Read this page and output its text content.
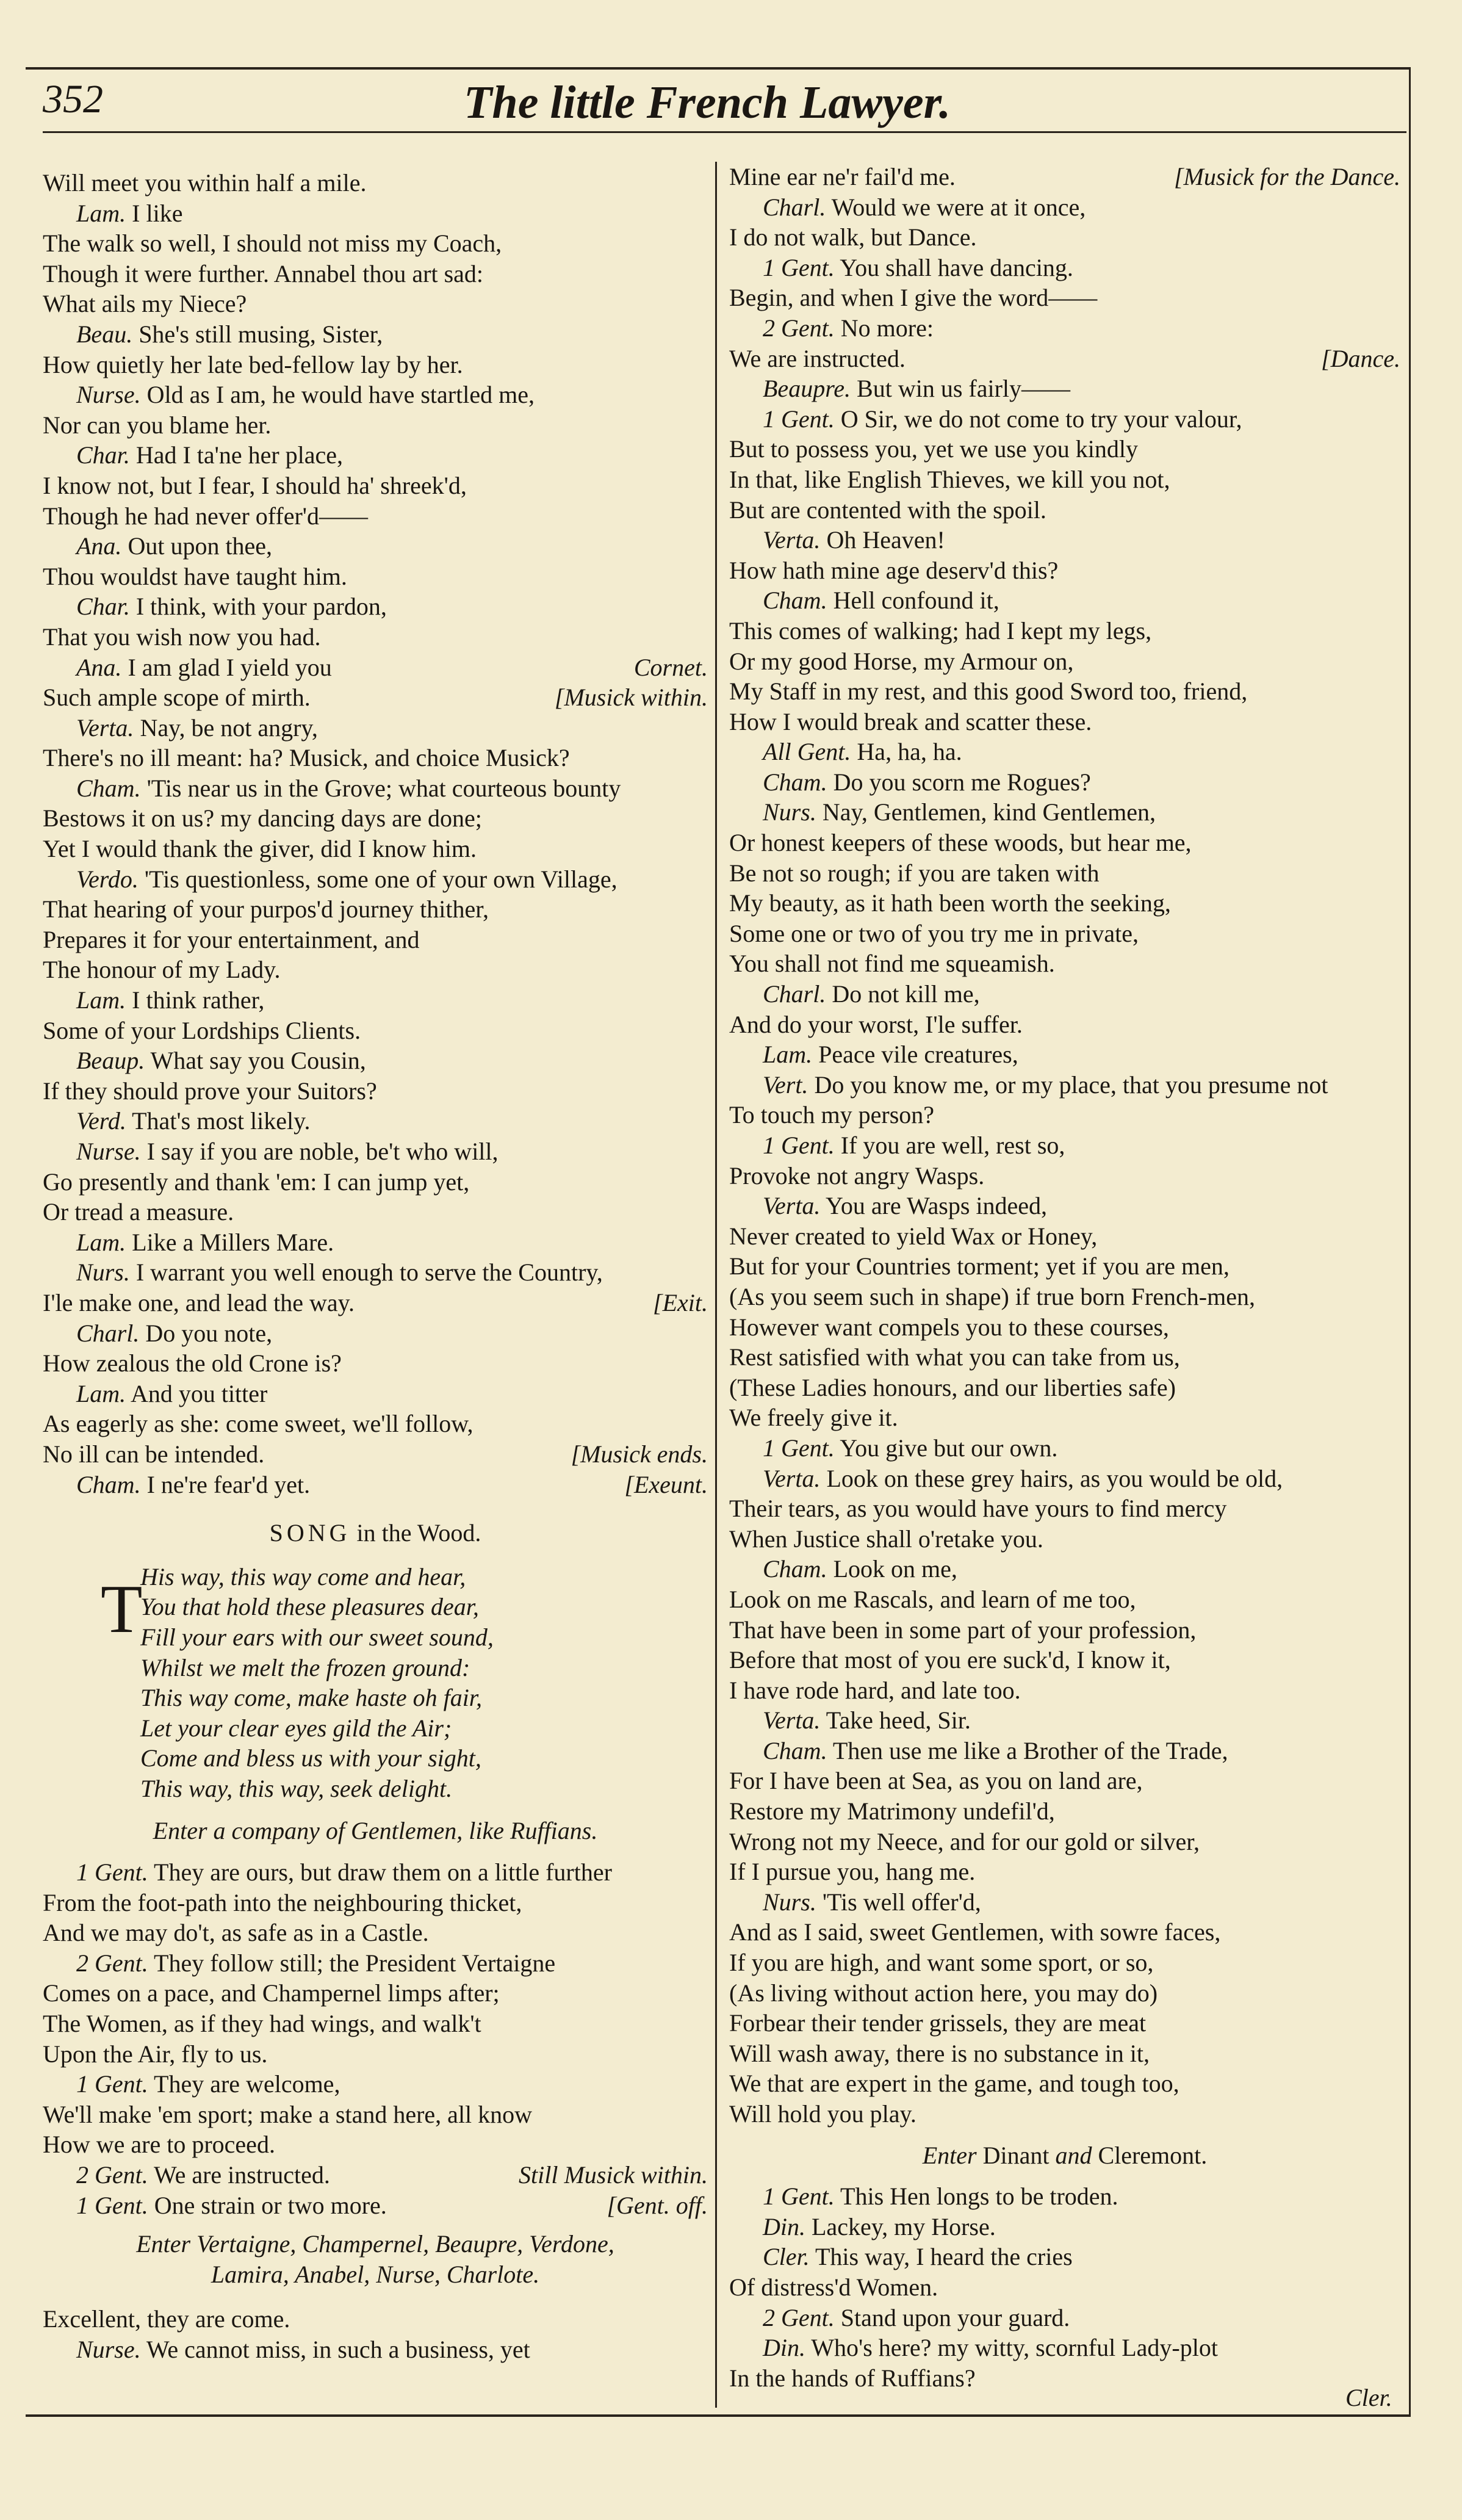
352	The little French Lawyer.
Will meet you within half a mile.
Lam. I like
The walk so well, I should not miss my Coach,
Though it were further. Annabel thou art sad:
What ails my Niece?
Beau. She's still musing, Sister,
How quietly her late bed-fellow lay by her.
Nurse. Old as I am, he would have startled me,
Nor can you blame her.
Char. Had I ta'ne her place,
I know not, but I fear, I should ha' shreek'd,
Though he had never offer'd——
Ana. Out upon thee,
Thou wouldst have taught him.
Char. I think, with your pardon,
That you wish now you had.
Ana. I am glad I yield you	Cornet.
Such ample scope of mirth.	[Musick within.
Verta. Nay, be not angry,
There's no ill meant: ha? Musick, and choice Musick?
Cham. 'Tis near us in the Grove; what courteous bounty
Bestows it on us? my dancing days are done;
Yet I would thank the giver, did I know him.
Verdo. 'Tis questionless, some one of your own Village,
That hearing of your purpos'd journey thither,
Prepares it for your entertainment, and
The honour of my Lady.
Lam. I think rather,
Some of your Lordships Clients.
Beaup. What say you Cousin,
If they should prove your Suitors?
Verd. That's most likely.
Nurse. I say if you are noble, be't who will,
Go presently and thank 'em: I can jump yet,
Or tread a measure.
Lam. Like a Millers Mare.
Nurs. I warrant you well enough to serve the Country,
I'le make one, and lead the way.	[Exit.
Charl. Do you note,
How zealous the old Crone is?
Lam. And you titter
As eagerly as she: come sweet, we'll follow,
No ill can be intended.	[Musick ends.
Cham. I ne're fear'd yet.	[Exeunt.
SONG in the Wood.
His way, this way come and hear,
You that hold these pleasures dear,
Fill your ears with our sweet sound,
Whilst we melt the frozen ground:
This way come, make haste oh fair,
Let your clear eyes gild the Air;
Come and bless us with your sight,
This way, this way, seek delight.
Enter a company of Gentlemen, like Ruffians.
1 Gent. They are ours, but draw them on a little further
From the foot-path into the neighbouring thicket,
And we may do't, as safe as in a Castle.
2 Gent. They follow still; the President Vertaigne
Comes on a pace, and Champernel limps after;
The Women, as if they had wings, and walk't
Upon the Air, fly to us.
1 Gent. They are welcome,
We'll make 'em sport; make a stand here, all know
How we are to proceed.
2 Gent. We are instructed.	Still Musick within.
1 Gent. One strain or two more.	[Gent. off.
Enter Vertaigne, Champernel, Beaupre, Verdone,
Lamira, Anabel, Nurse, Charlote.
Excellent, they are come.
Nurse. We cannot miss, in such a business, yet
T
Mine ear ne'r fail'd me.	[Musick for the Dance.
Charl. Would we were at it once,
I do not walk, but Dance.
1 Gent. You shall have dancing.
Begin, and when I give the word——
2 Gent. No more:
We are instructed.	[Dance.
Beaupre. But win us fairly——
1 Gent. O Sir, we do not come to try your valour,
But to possess you, yet we use you kindly
In that, like English Thieves, we kill you not,
But are contented with the spoil.
Verta. Oh Heaven!
How hath mine age deserv'd this?
Cham. Hell confound it,
This comes of walking; had I kept my legs,
Or my good Horse, my Armour on,
My Staff in my rest, and this good Sword too, friend,
How I would break and scatter these.
All Gent. Ha, ha, ha.
Cham. Do you scorn me Rogues?
Nurs. Nay, Gentlemen, kind Gentlemen,
Or honest keepers of these woods, but hear me,
Be not so rough; if you are taken with
My beauty, as it hath been worth the seeking,
Some one or two of you try me in private,
You shall not find me squeamish.
Charl. Do not kill me,
And do your worst, I'le suffer.
Lam. Peace vile creatures,
Vert. Do you know me, or my place, that you presume not
To touch my person?
1 Gent. If you are well, rest so,
Provoke not angry Wasps.
Verta. You are Wasps indeed,
Never created to yield Wax or Honey,
But for your Countries torment; yet if you are men,
(As you seem such in shape) if true born French-men,
However want compels you to these courses,
Rest satisfied with what you can take from us,
(These Ladies honours, and our liberties safe)
We freely give it.
1 Gent. You give but our own.
Verta. Look on these grey hairs, as you would be old,
Their tears, as you would have yours to find mercy
When Justice shall o'retake you.
Cham. Look on me,
Look on me Rascals, and learn of me too,
That have been in some part of your profession,
Before that most of you ere suck'd, I know it,
I have rode hard, and late too.
Verta. Take heed, Sir.
Cham. Then use me like a Brother of the Trade,
For I have been at Sea, as you on land are,
Restore my Matrimony undefil'd,
Wrong not my Neece, and for our gold or silver,
If I pursue you, hang me.
Nurs. 'Tis well offer'd,
And as I said, sweet Gentlemen, with sowre faces,
If you are high, and want some sport, or so,
(As living without action here, you may do)
Forbear their tender grissels, they are meat
Will wash away, there is no substance in it,
We that are expert in the game, and tough too,
Will hold you play.
Enter Dinant and Cleremont.
1 Gent. This Hen longs to be troden.
Din. Lackey, my Horse.
Cler. This way, I heard the cries
Of distress'd Women.
2 Gent. Stand upon your guard.
Din. Who's here? my witty, scornful Lady-plot
In the hands of Ruffians?
Cler.
